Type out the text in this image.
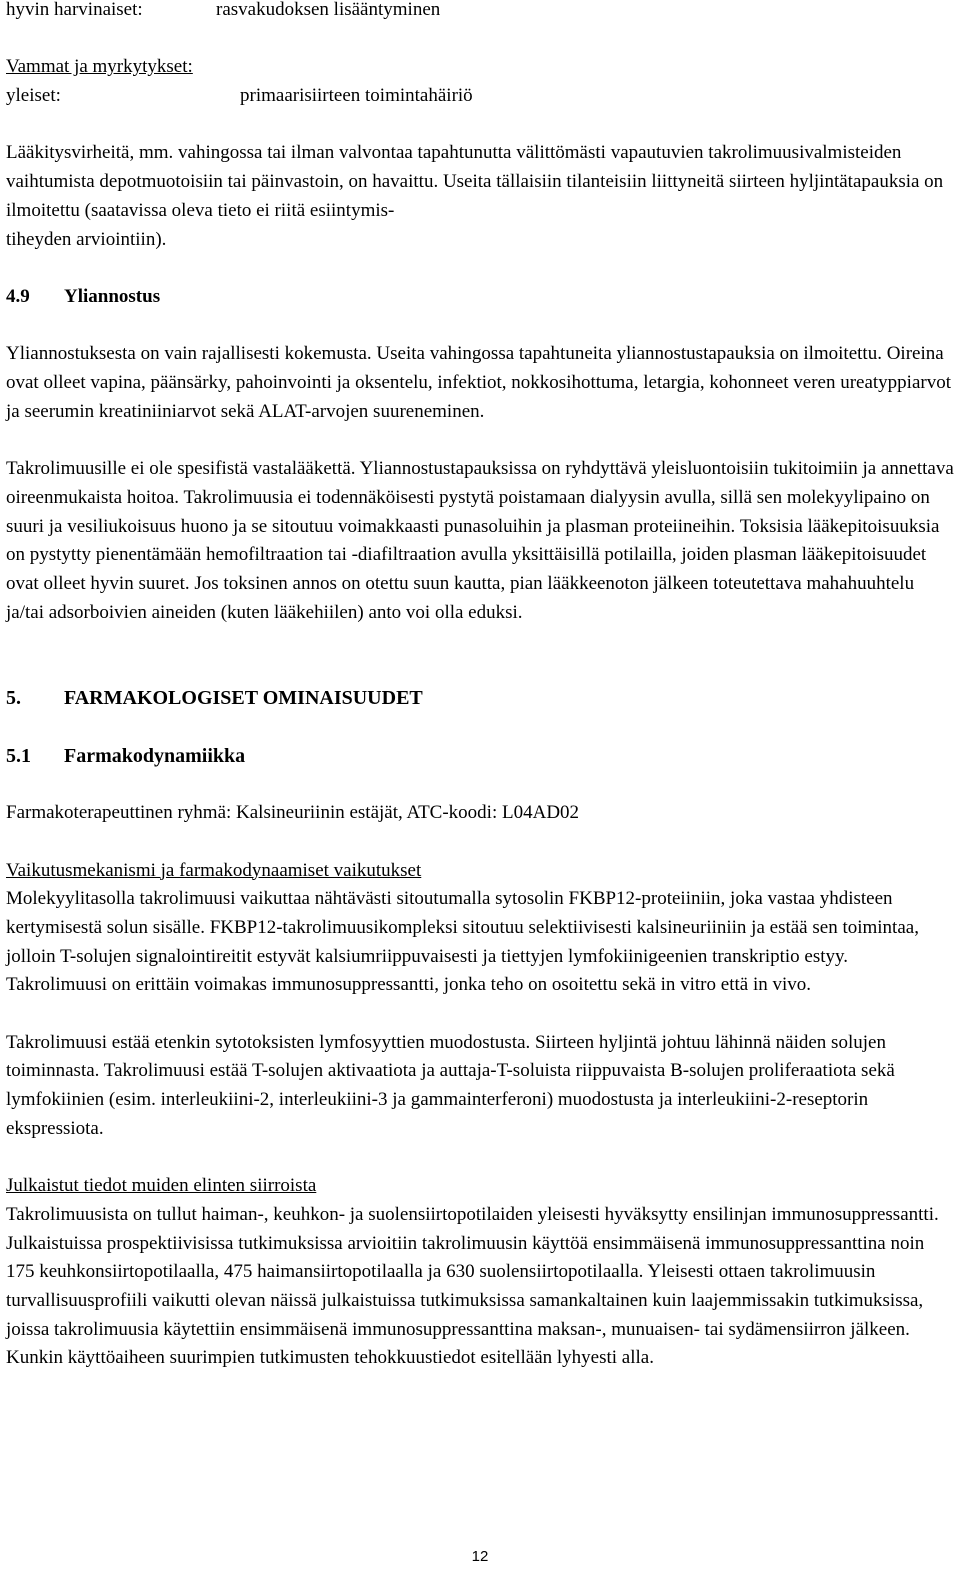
hyvin harvinaiset:	rasvakudoksen lisääntyminen

Vammat ja myrkytykset:

yleiset:	primaarisiirteen toimintahäiriö

Lääkitysvirheitä, mm. vahingossa tai ilman valvontaa tapahtunutta välittömästi vapautuvien takrolimuusivalmisteiden vaihtumista depotmuotoisiin tai päinvastoin, on havaittu. Useita tällaisiin tilanteisiin liittyneitä siirteen hyljintätapauksia on ilmoitettu (saatavissa oleva tieto ei riitä esiintymis-
tiheyden arviointiin).

4.9	Yliannostus

Yliannostuksesta on vain rajallisesti kokemusta. Useita vahingossa tapahtuneita yliannostustapauksia on ilmoitettu. Oireina ovat olleet vapina, päänsärky, pahoinvointi ja oksentelu, infektiot, nokkosihottuma, letargia, kohonneet veren ureatyppiarvot ja seerumin kreatiniiniarvot sekä ALAT-arvojen suureneminen.

Takrolimuusille ei ole spesifistä vastalääkettä. Yliannostustapauksissa on ryhdyttävä yleisluontoisiin tukitoimiin ja annettava oireenmukaista hoitoa. Takrolimuusia ei todennäköisesti pystytä poistamaan dialyysin avulla, sillä sen molekyylipaino on suuri ja vesiliukoisuus huono ja se sitoutuu voimakkaasti punasoluihin ja plasman proteiineihin. Toksisia lääkepitoisuuksia on pystytty pienentämään hemofiltraation tai -diafiltraation avulla yksittäisillä potilailla, joiden plasman lääkepitoisuudet ovat olleet hyvin suuret. Jos toksinen annos on otettu suun kautta, pian lääkkeenoton jälkeen toteutettava mahahuuhtelu ja/tai adsorboivien aineiden (kuten lääkehiilen) anto voi olla eduksi.

5.	FARMAKOLOGISET OMINAISUUDET
5.1	Farmakodynamiikka

Farmakoterapeuttinen ryhmä: Kalsineuriinin estäjät, ATC-koodi: L04AD02

Vaikutusmekanismi ja farmakodynaamiset vaikutukset

Molekyylitasolla takrolimuusi vaikuttaa nähtävästi sitoutumalla sytosolin FKBP12-proteiiniin, joka vastaa yhdisteen kertymisestä solun sisälle. FKBP12-takrolimuusikompleksi sitoutuu selektiivisesti kalsineuriiniin ja estää sen toimintaa, jolloin T-solujen signalointireitit estyvät kalsiumriippuvaisesti ja tiettyjen lymfokiinigeenien transkriptio estyy.

Takrolimuusi on erittäin voimakas immunosuppressantti, jonka teho on osoitettu sekä in vitro että in vivo.

Takrolimuusi estää etenkin sytotoksisten lymfosyyttien muodostusta. Siirteen hyljintä johtuu lähinnä näiden solujen toiminnasta. Takrolimuusi estää T-solujen aktivaatiota ja auttaja-T-soluista riippuvaista B-solujen proliferaatiota sekä lymfokiinien (esim. interleukiini-2, interleukiini-3 ja gammainterferoni) muodostusta ja interleukiini-2-reseptorin ekspressiota.

Julkaistut tiedot muiden elinten siirroista

Takrolimuusista on tullut haiman-, keuhkon- ja suolensiirtopotilaiden yleisesti hyväksytty ensilinjan immunosuppressantti. Julkaistuissa prospektiivisissa tutkimuksissa arvioitiin takrolimuusin käyttöä ensimmäisenä immunosuppressanttina noin 175 keuhkonsiirtopotilaalla, 475 haimansiirtopotilaalla ja 630 suolensiirtopotilaalla. Yleisesti ottaen takrolimuusin turvallisuusprofiili vaikutti olevan näissä julkaistuissa tutkimuksissa samankaltainen kuin laajemmissakin tutkimuksissa, joissa takrolimuusia käytettiin ensimmäisenä immunosuppressanttina maksan-, munuaisen- tai sydämensiirron jälkeen. Kunkin käyttöaiheen suurimpien tutkimusten tehokkuustiedot esitellään lyhyesti alla.

12
